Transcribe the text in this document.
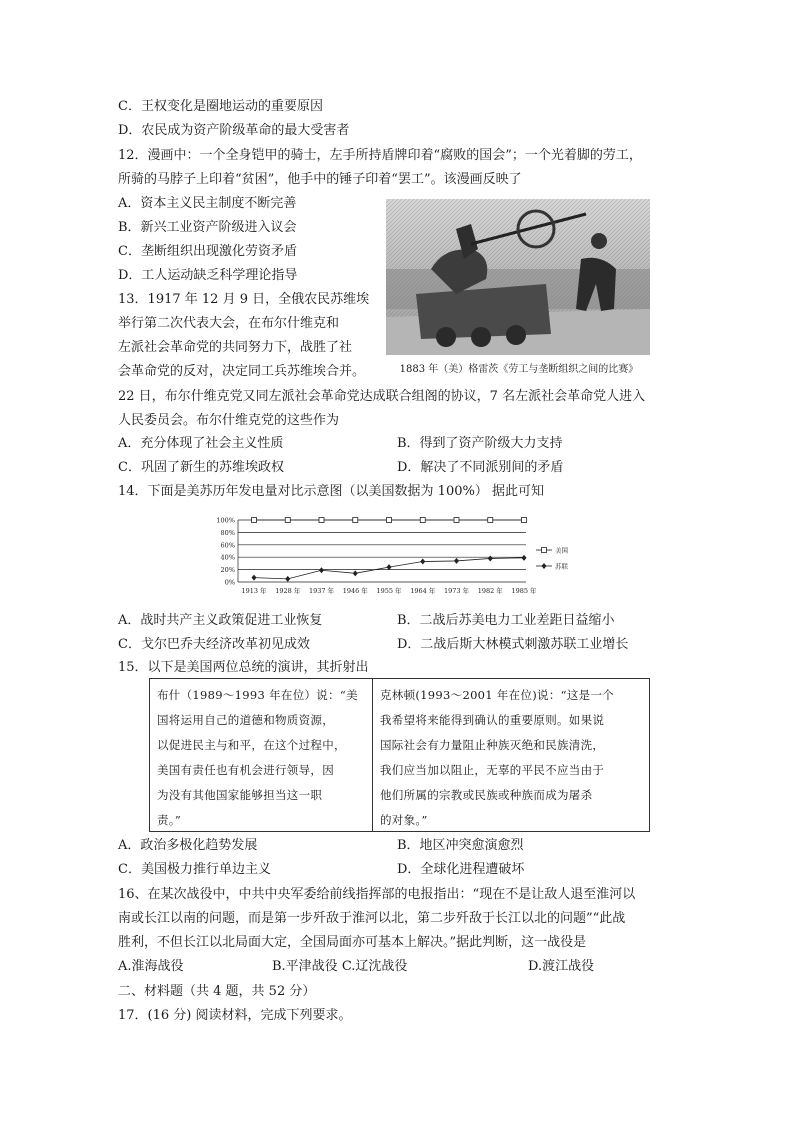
C．王权变化是圈地运动的重要原因
D．农民成为资产阶级革命的最大受害者
12．漫画中：一个全身铠甲的骑士，左手所持盾牌印着“腐败的国会”；一个光着脚的劳工，
所骑的马脖子上印着“贫困”，他手中的锤子印着“罢工”。该漫画反映了
A．资本主义民主制度不断完善
B．新兴工业资产阶级进入议会
C．垄断组织出现激化劳资矛盾
D．工人运动缺乏科学理论指导
1883 年（美）格雷茨《劳工与垄断组织之间的比赛》
13．1917 年 12 月 9 日，全俄农民苏维埃
举行第二次代表大会，在布尔什维克和
左派社会革命党的共同努力下，战胜了社
会革命党的反对，决定同工兵苏维埃合并。
22 日，布尔什维克党又同左派社会革命党达成联合组阁的协议，7 名左派社会革命党人进入
人民委员会。布尔什维克党的这些作为
A．充分体现了社会主义性质	B．得到了资产阶级大力支持
C．巩固了新生的苏维埃政权	D．解决了不同派别间的矛盾
14．下面是美苏历年发电量对比示意图（以美国数据为 100%） 据此可知
0%
20%
40%
60%
80%
100%
1913 年 1928 年 1937 年 1946 年 1955 年 1964 年 1973 年 1982 年 1985 年
美国
苏联
A．战时共产主义政策促进工业恢复	B．二战后苏美电力工业差距日益缩小
C．戈尔巴乔夫经济改革初见成效	D．二战后斯大林模式刺激苏联工业增长
15．以下是美国两位总统的演讲，其折射出
布什（1989～1993 年在位）说：“美
国将运用自己的道德和物质资源，
以促进民主与和平，在这个过程中，
美国有责任也有机会进行领导，因
为没有其他国家能够担当这一职
责。”
克林顿(1993～2001 年在位)说：“这是一个
我希望将来能得到确认的重要原则。如果说
国际社会有力量阻止种族灭绝和民族清洗，
我们应当加以阻止，无辜的平民不应当由于
他们所属的宗教或民族或种族而成为屠杀
的对象。”
A．政治多极化趋势发展	B．地区冲突愈演愈烈
C．美国极力推行单边主义	D．全球化进程遭破坏
16、在某次战役中，中共中央军委给前线指挥部的电报指出：“现在不是让敌人退至淮河以
南或长江以南的问题，而是第一步歼敌于淮河以北，第二步歼敌于长江以北的问题”“此战
胜利，不但长江以北局面大定，全国局面亦可基本上解决。”据此判断，这一战役是
A.淮海战役	B.平津战役 C.辽沈战役	D.渡江战役
二、材料题（共 4 题，共 52 分）
17．(16 分) 阅读材料，完成下列要求。
